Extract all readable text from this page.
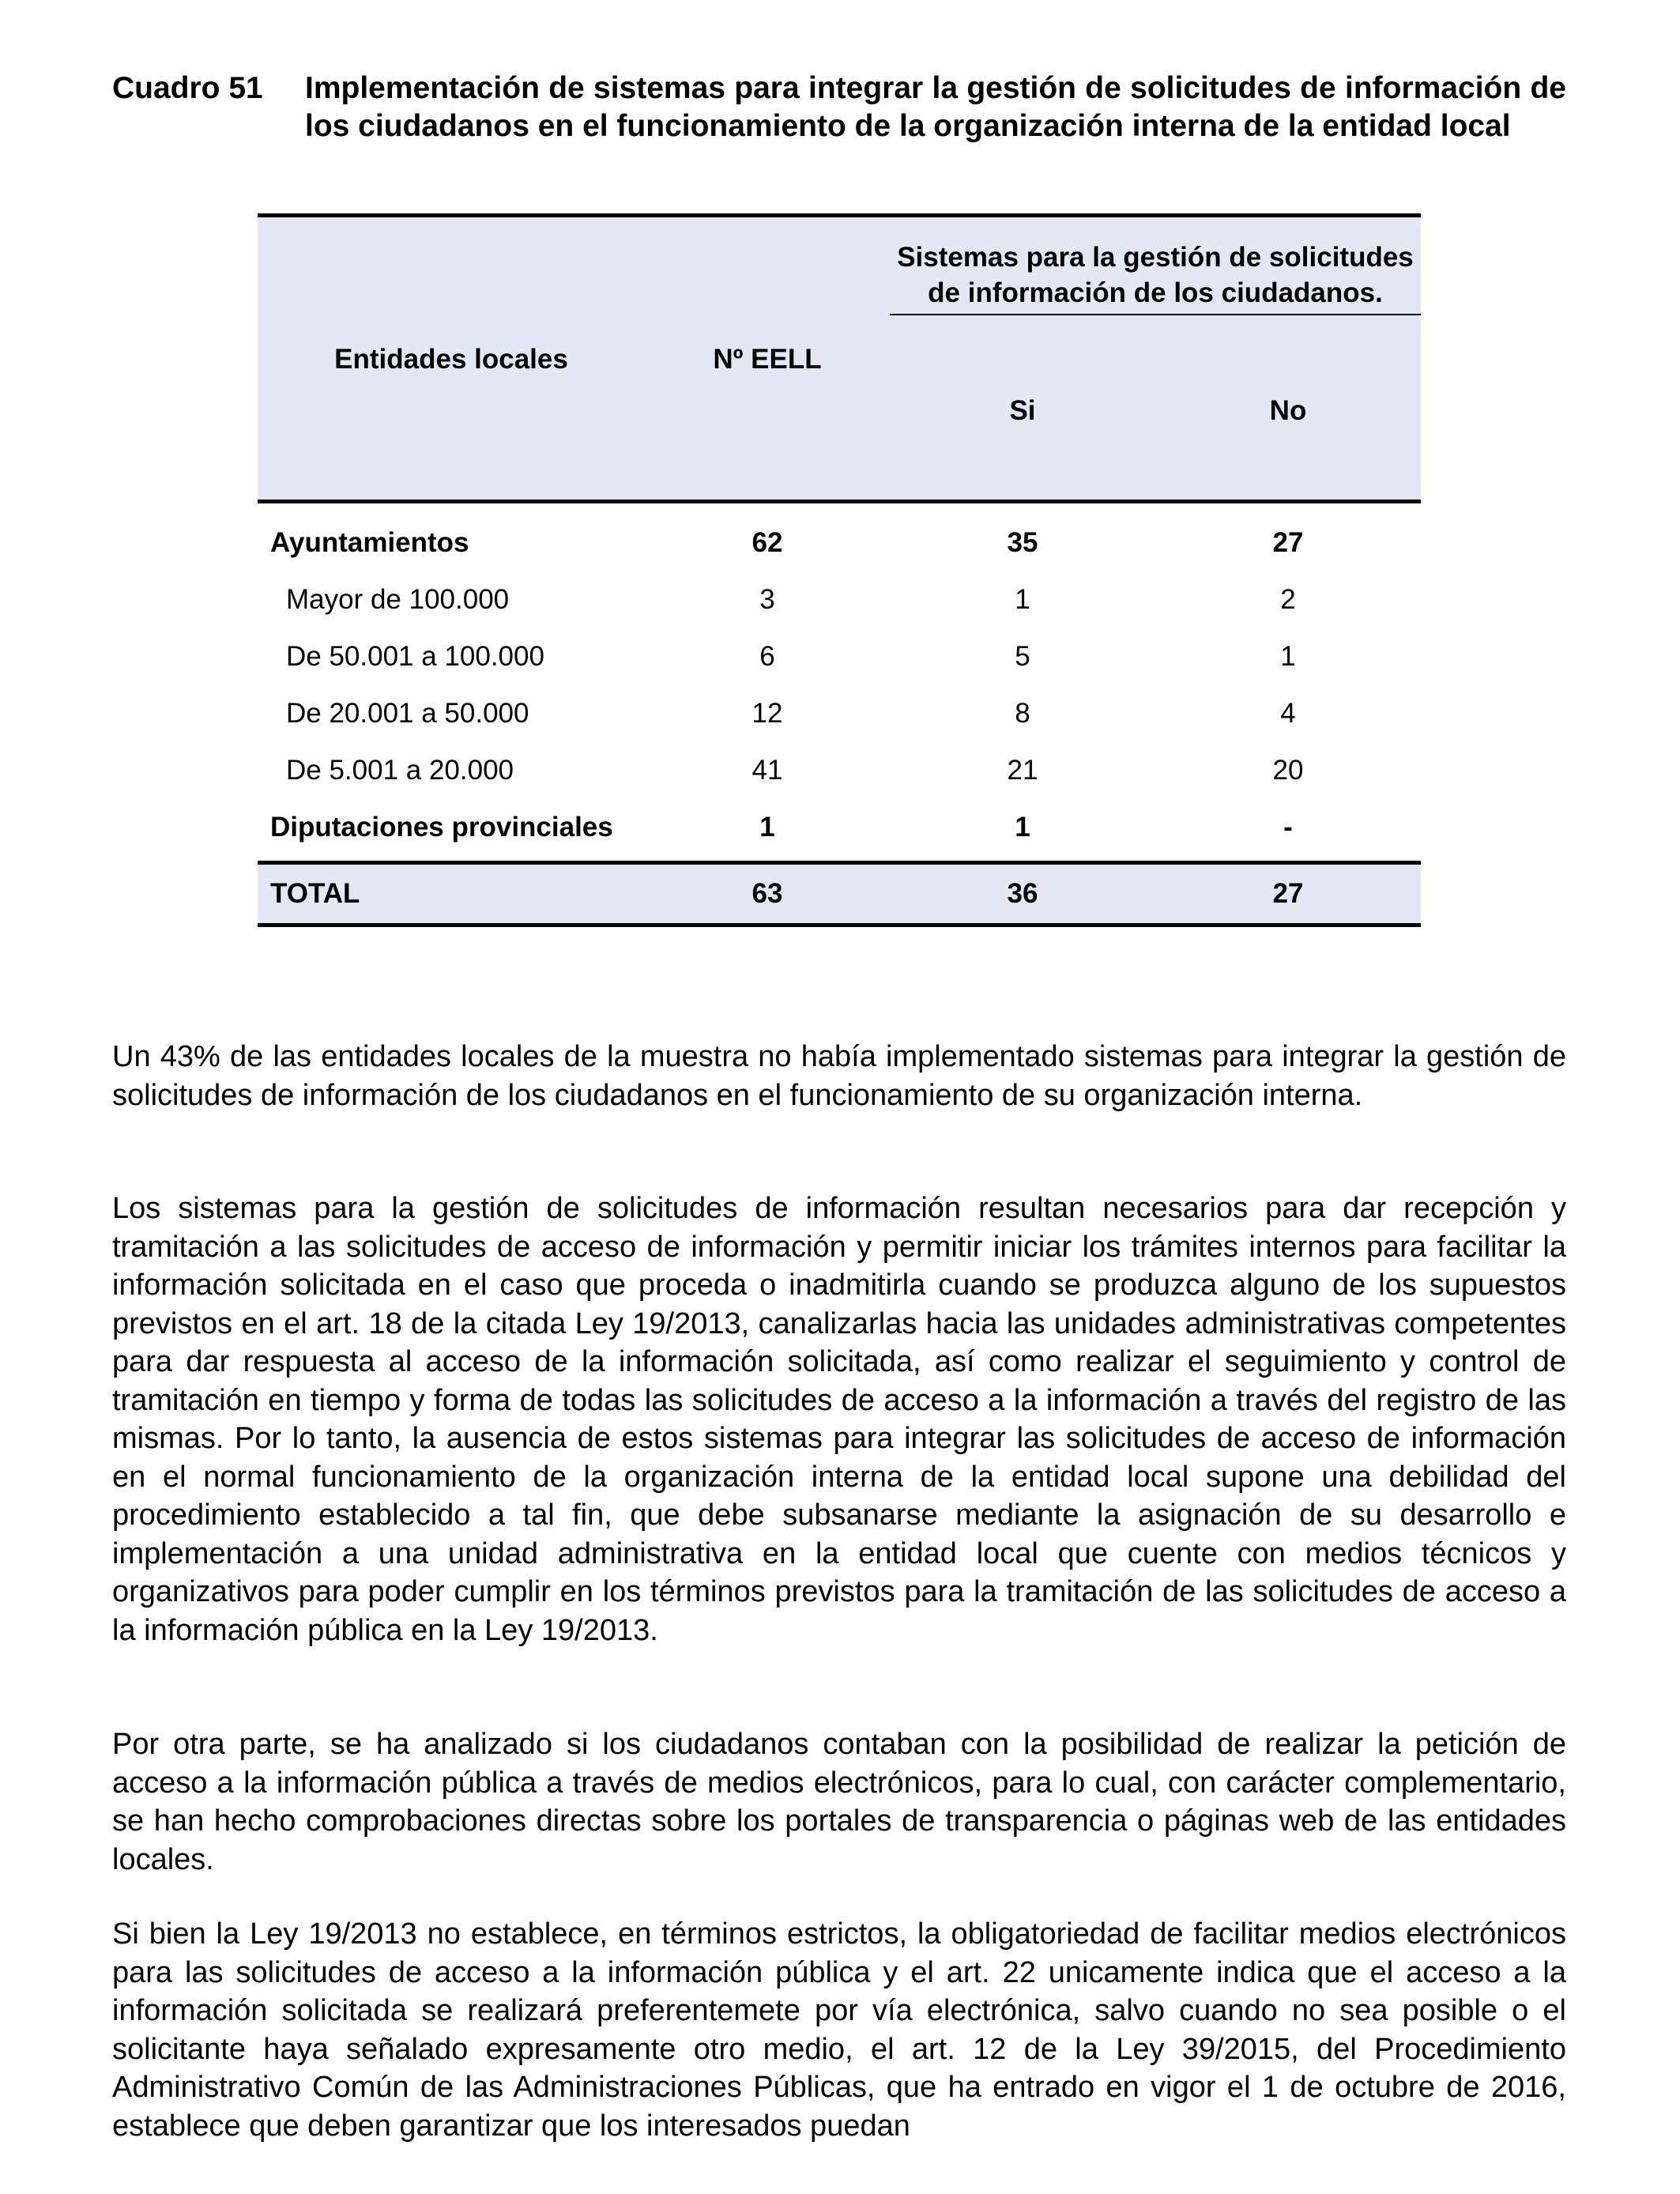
Cuadro 51 Implementación de sistemas para integrar la gestión de solicitudes de información de los ciudadanos en el funcionamiento de la organización interna de la entidad local
Sistemas para la gestión de solicitudes de información de los ciudadanos.
Entidades locales	Nº EELL
Si	No
Ayuntamientos	62	35	27
Mayor de 100.000	3	1	2
De 50.001 a 100.000	6	5	1
De 20.001 a 50.000	12	8	4
De 5.001 a 20.000	41	21	20
Diputaciones provinciales	1	1	-
TOTAL	63	36	27

Un 43% de las entidades locales de la muestra no había implementado sistemas para integrar la gestión de solicitudes de información de los ciudadanos en el funcionamiento de su organización interna.

Los sistemas para la gestión de solicitudes de información resultan necesarios para dar recepción y tramitación a las solicitudes de acceso de información y permitir iniciar los trámites internos para facilitar la información solicitada en el caso que proceda o inadmitirla cuando se produzca alguno de los supuestos previstos en el art. 18 de la citada Ley 19/2013, canalizarlas hacia las unidades administrativas competentes para dar respuesta al acceso de la información solicitada, así como realizar el seguimiento y control de tramitación en tiempo y forma de todas las solicitudes de acceso a la información a través del registro de las mismas. Por lo tanto, la ausencia de estos sistemas para integrar las solicitudes de acceso de información en el normal funcionamiento de la organización interna de la entidad local supone una debilidad del procedimiento establecido a tal fin, que debe subsanarse mediante la asignación de su desarrollo e implementación a una unidad administrativa en la entidad local que cuente con medios técnicos y organizativos para poder cumplir en los términos previstos para la tramitación de las solicitudes de acceso a la información pública en la Ley 19/2013.

Por otra parte, se ha analizado si los ciudadanos contaban con la posibilidad de realizar la petición de acceso a la información pública a través de medios electrónicos, para lo cual, con carácter complementario, se han hecho comprobaciones directas sobre los portales de transparencia o páginas web de las entidades locales.

Si bien la Ley 19/2013 no establece, en términos estrictos, la obligatoriedad de facilitar medios electrónicos para las solicitudes de acceso a la información pública y el art. 22 unicamente indica que el acceso a la información solicitada se realizará preferentemete por vía electrónica, salvo cuando no sea posible o el solicitante haya señalado expresamente otro medio, el art. 12 de la Ley 39/2015, del Procedimiento Administrativo Común de las Administraciones Públicas, que ha entrado en vigor el 1 de octubre de 2016, establece que deben garantizar que los interesados puedan
